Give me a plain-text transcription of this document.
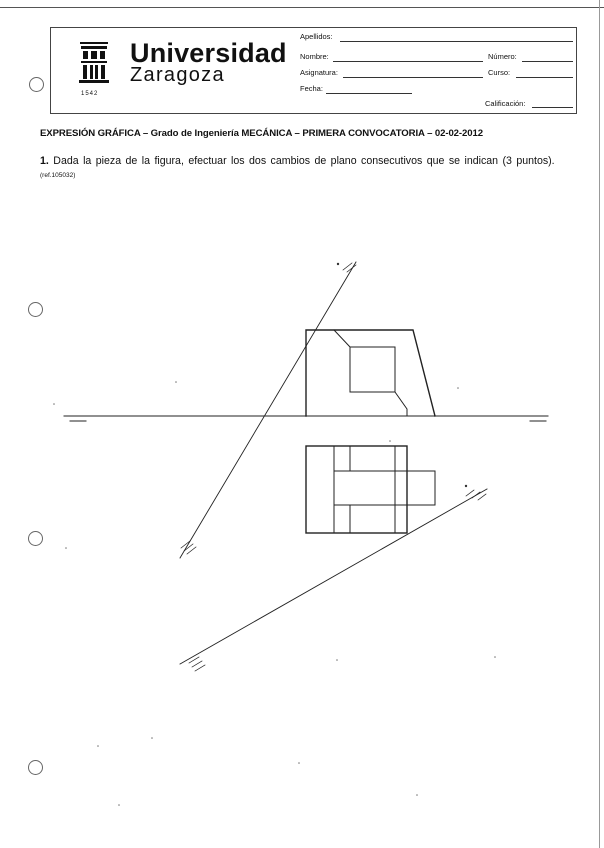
Universidad
Zaragoza
1542
Apellidos:
Nombre:	Número:
Asignatura:	Curso:
Fecha:
Calificación:
EXPRESIÓN GRÁFICA – Grado de Ingeniería MECÁNICA – PRIMERA CONVOCATORIA – 02-02-2012
1. Dada la pieza de la figura, efectuar los dos cambios de plano consecutivos que se indican (3 puntos). (ref.105032)
